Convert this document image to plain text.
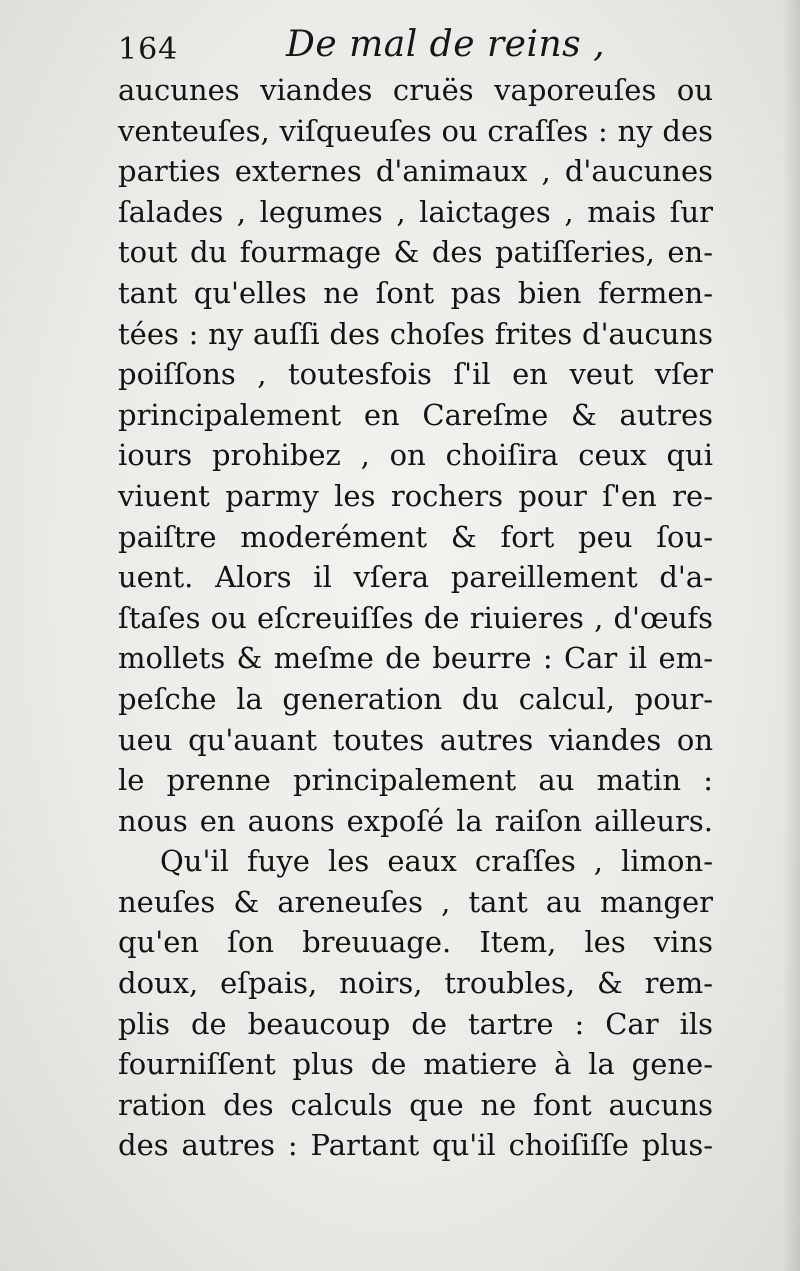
164	De mal de reins ,
aucunes viandes cruës vaporeuſes ou
venteuſes, viſqueuſes ou craſſes : ny des
parties externes d'animaux , d'aucunes
ſalades , legumes , laictages , mais ſur
tout du fourmage & des patiſſeries, en-
tant qu'elles ne ſont pas bien fermen-
tées : ny auſſi des choſes frites d'aucuns
poiſſons , toutesfois ſ'il en veut vſer
principalement en Careſme & autres
iours prohibez , on choiſira ceux qui
viuent parmy les rochers pour ſ'en re-
paiſtre moderément & fort peu ſou-
uent. Alors il vſera pareillement d'a-
ſtaſes ou eſcreuiſſes de riuieres , d'œufs
mollets & meſme de beurre : Car il em-
peſche la generation du calcul, pour-
ueu qu'auant toutes autres viandes on
le prenne principalement au matin :
nous en auons expoſé la raiſon ailleurs.
Qu'il fuye les eaux craſſes , limon-
neuſes & areneuſes , tant au manger
qu'en ſon breuuage. Item, les vins
doux, eſpais, noirs, troubles, & rem-
plis de beaucoup de tartre : Car ils
fourniſſent plus de matiere à la gene-
ration des calculs que ne font aucuns
des autres : Partant qu'il choiſiſſe plus-
